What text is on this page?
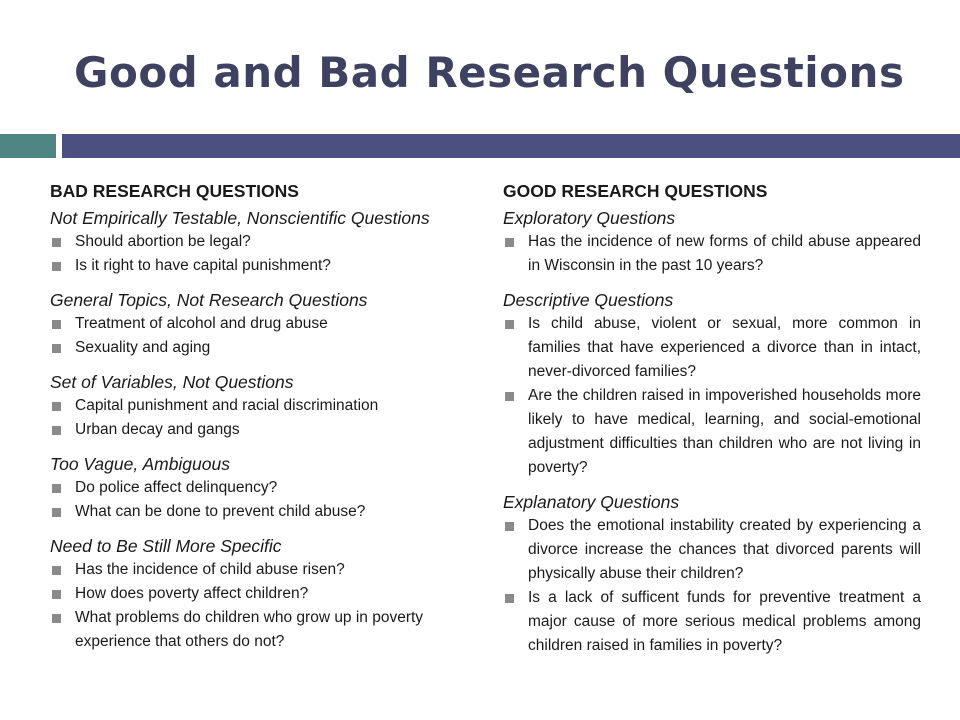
Good and Bad Research Questions
BAD RESEARCH QUESTIONS
Not Empirically Testable, Nonscientific Questions
Should abortion be legal?
Is it right to have capital punishment?
General Topics, Not Research Questions
Treatment of alcohol and drug abuse
Sexuality and aging
Set of Variables, Not Questions
Capital punishment and racial discrimination
Urban decay and gangs
Too Vague, Ambiguous
Do police affect delinquency?
What can be done to prevent child abuse?
Need to Be Still More Specific
Has the incidence of child abuse risen?
How does poverty affect children?
What problems do children who grow up in poverty experience that others do not?
GOOD RESEARCH QUESTIONS
Exploratory Questions
Has the incidence of new forms of child abuse appeared in Wisconsin in the past 10 years?
Descriptive Questions
Is child abuse, violent or sexual, more common in families that have experienced a divorce than in intact, never-divorced families?
Are the children raised in impoverished households more likely to have medical, learning, and social-emotional adjustment difficulties than children who are not living in poverty?
Explanatory Questions
Does the emotional instability created by experiencing a divorce increase the chances that divorced parents will physically abuse their children?
Is a lack of sufficent funds for preventive treatment a major cause of more serious medical problems among children raised in families in poverty?
